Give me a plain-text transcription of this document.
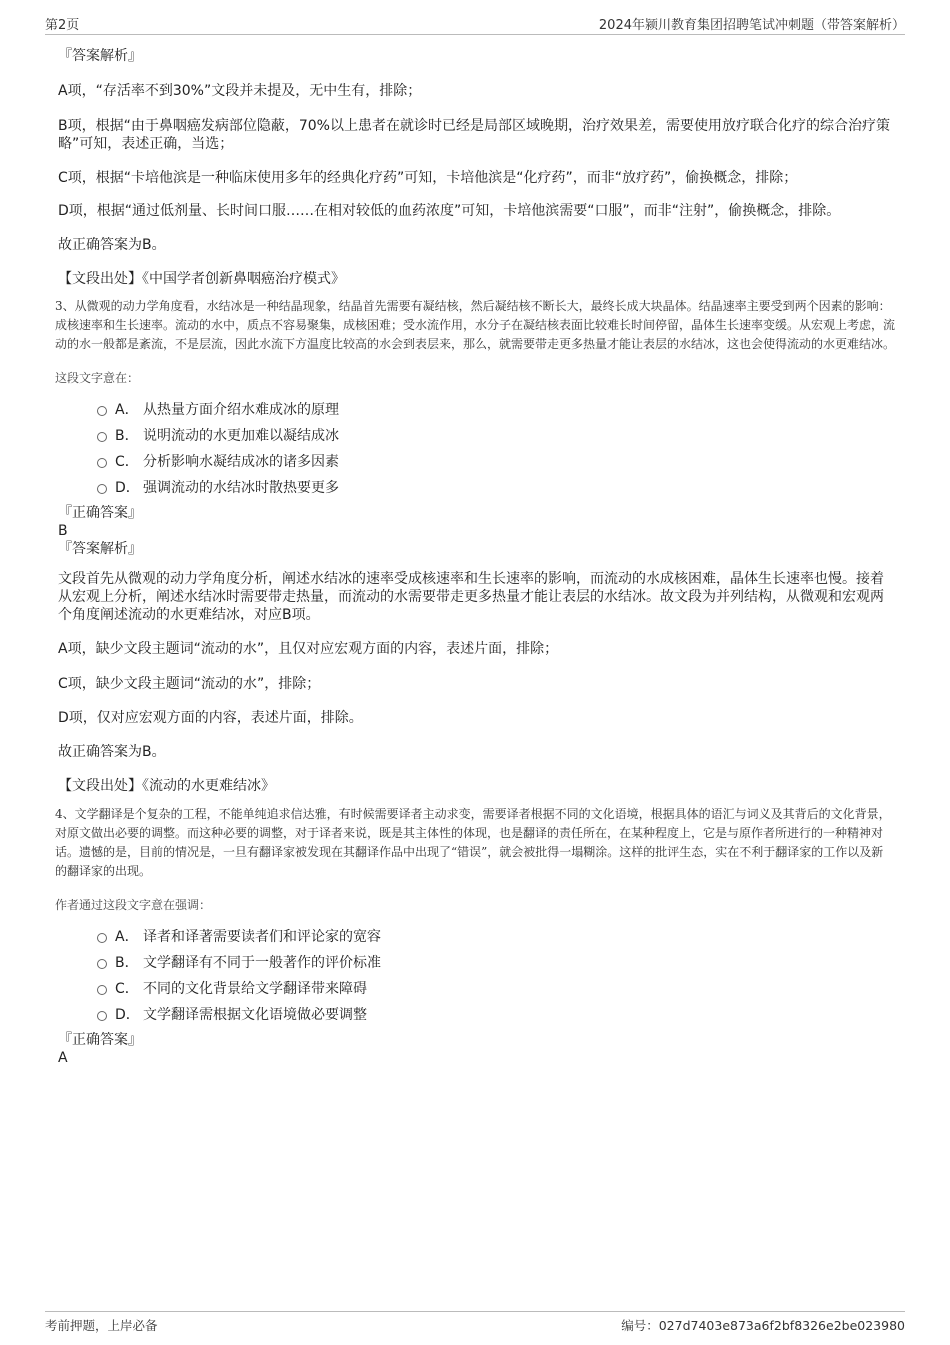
第2页	2024年颍川教育集团招聘笔试冲刺题（带答案解析）
『答案解析』
A项，“存活率不到30%”文段并未提及，无中生有，排除；
B项，根据“由于鼻咽癌发病部位隐蔽，70%以上患者在就诊时已经是局部区域晚期，治疗效果差，需要使用放疗联合化疗的综合治疗策略”可知，表述正确，当选；
C项，根据“卡培他滨是一种临床使用多年的经典化疗药”可知，卡培他滨是“化疗药”，而非“放疗药”，偷换概念，排除；
D项，根据“通过低剂量、长时间口服……在相对较低的血药浓度”可知，卡培他滨需要“口服”，而非“注射”，偷换概念，排除。
故正确答案为B。
【文段出处】《中国学者创新鼻咽癌治疗模式》

3、从微观的动力学角度看，水结冰是一种结晶现象，结晶首先需要有凝结核，然后凝结核不断长大，最终长成大块晶体。结晶速率主要受到两个因素的影响：成核速率和生长速率。流动的水中，质点不容易聚集，成核困难；受水流作用，水分子在凝结核表面比较难长时间停留，晶体生长速率变缓。从宏观上考虑，流动的水一般都是紊流，不是层流，因此水流下方温度比较高的水会到表层来，那么，就需要带走更多热量才能让表层的水结冰，这也会使得流动的水更难结冰。

这段文字意在：

A． 从热量方面介绍水难成冰的原理
B． 说明流动的水更加难以凝结成冰
C． 分析影响水凝结成冰的诸多因素
D． 强调流动的水结冰时散热要更多
『正确答案』
B
『答案解析』
文段首先从微观的动力学角度分析，阐述水结冰的速率受成核速率和生长速率的影响，而流动的水成核困难，晶体生长速率也慢。接着从宏观上分析，阐述水结冰时需要带走热量，而流动的水需要带走更多热量才能让表层的水结冰。故文段为并列结构，从微观和宏观两个角度阐述流动的水更难结冰，对应B项。
A项，缺少文段主题词“流动的水”，且仅对应宏观方面的内容，表述片面，排除；
C项，缺少文段主题词“流动的水”，排除；
D项，仅对应宏观方面的内容，表述片面，排除。
故正确答案为B。
【文段出处】《流动的水更难结冰》

4、文学翻译是个复杂的工程，不能单纯追求信达雅，有时候需要译者主动求变，需要译者根据不同的文化语境，根据具体的语汇与词义及其背后的文化背景，对原文做出必要的调整。而这种必要的调整，对于译者来说，既是其主体性的体现，也是翻译的责任所在，在某种程度上，它是与原作者所进行的一种精神对话。遗憾的是，目前的情况是，一旦有翻译家被发现在其翻译作品中出现了“错误”，就会被批得一塌糊涂。这样的批评生态，实在不利于翻译家的工作以及新的翻译家的出现。

作者通过这段文字意在强调：

A． 译者和译著需要读者们和评论家的宽容
B． 文学翻译有不同于一般著作的评价标准
C． 不同的文化背景给文学翻译带来障碍
D． 文学翻译需根据文化语境做必要调整
『正确答案』
A
考前押题，上岸必备	编号：027d7403e873a6f2bf8326e2be023980
